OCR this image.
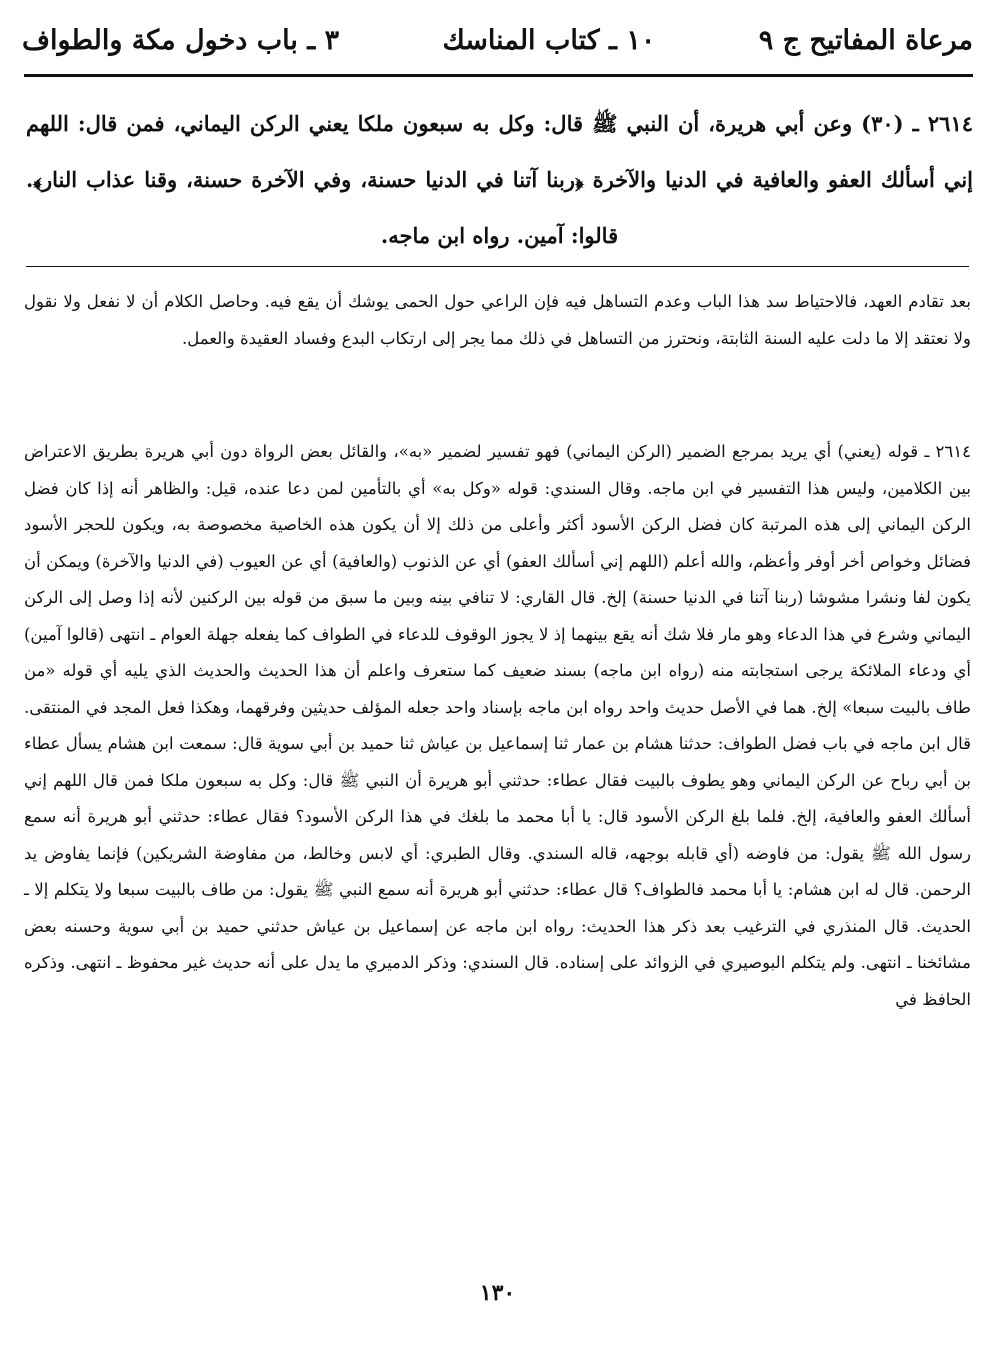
مرعاة المفاتيح ج ٩
١٠ ـ كتاب المناسك
٣ ـ باب دخول مكة والطواف

٢٦١٤ ـ (٣٠) وعن أبي هريرة، أن النبي ﷺ قال: وكل به سبعون ملكا يعني الركن اليماني، فمن قال: اللهم إني أسألك العفو والعافية في الدنيا والآخرة ﴿ربنا آتنا في الدنيا حسنة، وفي الآخرة حسنة، وقنا عذاب النار﴾. قالوا: آمين. رواه ابن ماجه.

بعد تقادم العهد، فالاحتياط سد هذا الباب وعدم التساهل فيه فإن الراعي حول الحمى يوشك أن يقع فيه. وحاصل الكلام أن لا نفعل ولا نقول ولا نعتقد إلا ما دلت عليه السنة الثابتة، ونحترز من التساهل في ذلك مما يجر إلى ارتكاب البدع وفساد العقيدة والعمل.

٢٦١٤ ـ قوله (يعني) أي يريد بمرجع الضمير (الركن اليماني) فهو تفسير لضمير «به»، والقائل بعض الرواة دون أبي هريرة بطريق الاعتراض بين الكلامين، وليس هذا التفسير في ابن ماجه. وقال السندي: قوله «وكل به» أي بالتأمين لمن دعا عنده، قيل: والظاهر أنه إذا كان فضل الركن اليماني إلى هذه المرتبة كان فضل الركن الأسود أكثر وأعلى من ذلك إلا أن يكون هذه الخاصية مخصوصة به، ويكون للحجر الأسود فضائل وخواص أخر أوفر وأعظم، والله أعلم (اللهم إني أسألك العفو) أي عن الذنوب (والعافية) أي عن العيوب (في الدنيا والآخرة) ويمكن أن يكون لفا ونشرا مشوشا (ربنا آتنا في الدنيا حسنة) إلخ. قال القاري: لا تنافي بينه وبين ما سبق من قوله بين الركنين لأنه إذا وصل إلى الركن اليماني وشرع في هذا الدعاء وهو مار فلا شك أنه يقع بينهما إذ لا يجوز الوقوف للدعاء في الطواف كما يفعله جهلة العوام ـ انتهى (قالوا آمين) أي ودعاء الملائكة يرجى استجابته منه (رواه ابن ماجه) بسند ضعيف كما ستعرف واعلم أن هذا الحديث والحديث الذي يليه أي قوله «من طاف بالبيت سبعا» إلخ. هما في الأصل حديث واحد رواه ابن ماجه بإسناد واحد جعله المؤلف حديثين وفرقهما، وهكذا فعل المجد في المنتقى. قال ابن ماجه في باب فضل الطواف: حدثنا هشام بن عمار ثنا إسماعيل بن عياش ثنا حميد بن أبي سوية قال: سمعت ابن هشام يسأل عطاء بن أبي رباح عن الركن اليماني وهو يطوف بالبيت فقال عطاء: حدثني أبو هريرة أن النبي ﷺ قال: وكل به سبعون ملكا فمن قال اللهم إني أسألك العفو والعافية، إلخ. فلما بلغ الركن الأسود قال: يا أبا محمد ما بلغك في هذا الركن الأسود؟ فقال عطاء: حدثني أبو هريرة أنه سمع رسول الله ﷺ يقول: من فاوضه (أي قابله بوجهه، قاله السندي. وقال الطبري: أي لابس وخالط، من مفاوضة الشريكين) فإنما يفاوض يد الرحمن. قال له ابن هشام: يا أبا محمد فالطواف؟ قال عطاء: حدثني أبو هريرة أنه سمع النبي ﷺ يقول: من طاف بالبيت سبعا ولا يتكلم إلا ـ الحديث. قال المنذري في الترغيب بعد ذكر هذا الحديث: رواه ابن ماجه عن إسماعيل بن عياش حدثني حميد بن أبي سوية وحسنه بعض مشائخنا ـ انتهى. ولم يتكلم البوصيري في الزوائد على إسناده. قال السندي: وذكر الدميري ما يدل على أنه حديث غير محفوظ ـ انتهى. وذكره الحافظ في

١٣٠
